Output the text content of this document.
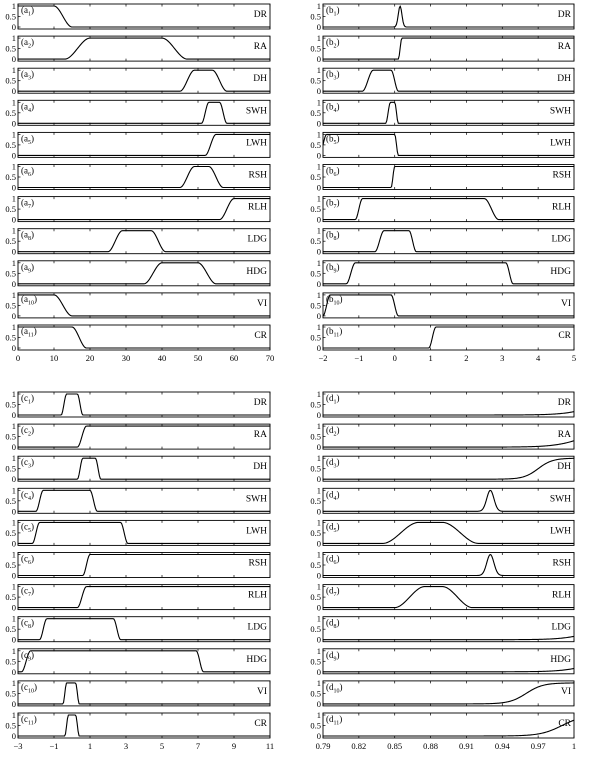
0
0.5
1 $(a_1)$	DR
0
0.5
1 $(a_2)$	RA
0
0.5
1 $(a_3)$	DH
0
0.5
1 $(a_4)$	SWH
0
0.5
1 $(a_5)$	LWH
0
0.5
1 $(a_6)$	RSH
0
0.5
1 $(a_7)$	RLH
0
0.5
1 $(a_8)$	LDG
0
0.5
1 $(a_9)$	HDG
0
0.5
1 $(a_{10})$	VI
0
0.5
1 $(a_{11})$	CR
0	10	20	30	40	50	60	70
0
0.5
1 $(b_1)$	DR
0
0.5
1 $(b_2)$	RA
0
0.5
1 $(b_3)$	DH
0
0.5
1 $(b_4)$	SWH
0
0.5
1 $(b_5)$	LWH
0
0.5
1 $(b_6)$	RSH
0
0.5
1 $(b_7)$	RLH
0
0.5
1 $(b_8)$	LDG
0
0.5
1 $(b_9)$	HDG
0
0.5
1 $(b_{10})$	VI
0
0.5
1 $(b_{11})$	CR
−2	−1	0	1	2	3	4	5
0
0.5
1 $(c_1)$	DR
0
0.5
1 $(c_2)$	RA
0
0.5
1 $(c_3)$	DH
0
0.5
1 $(c_4)$	SWH
0
0.5
1 $(c_5)$	LWH
0
0.5
1 $(c_6)$	RSH
0
0.5
1 $(c_7)$	RLH
0
0.5
1 $(c_8)$	LDG
0
0.5
1 $(c_9)$	HDG
0
0.5
1 $(c_{10})$	VI
0
0.5
1 $(c_{11})$	CR
−3	−1	1	3	5	7	9	11
0
0.5
1 $(d_1)$	DR
0
0.5
1 $(d_2)$	RA
0
0.5
1 $(d_3)$	DH
0
0.5
1 $(d_4)$	SWH
0
0.5
1 $(d_5)$	LWH
0
0.5
1 $(d_6)$	RSH
0
0.5
1 $(d_7)$	RLH
0
0.5
1 $(d_8)$	LDG
0
0.5
1 $(d_9)$	HDG
0
0.5
1 $(d_{10})$	VI
0
0.5
1 $(d_{11})$	CR
0.79 0.82 0.85 0.88 0.91 0.94 0.97	1
